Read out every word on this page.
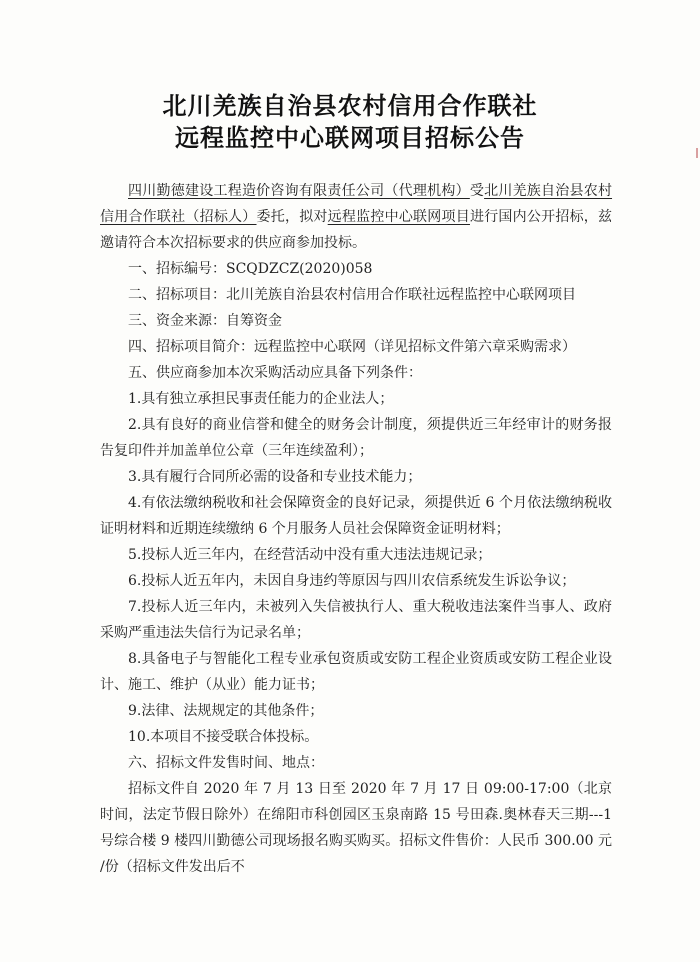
北川羌族自治县农村信用合作联社
远程监控中心联网项目招标公告

四川勤德建设工程造价咨询有限责任公司（代理机构）受北川羌族自治县农村信用合作联社（招标人）委托，拟对远程监控中心联网项目进行国内公开招标，兹邀请符合本次招标要求的供应商参加投标。

一、招标编号：SCQDZCZ(2020)058

二、招标项目：北川羌族自治县农村信用合作联社远程监控中心联网项目

三、资金来源：自筹资金

四、招标项目简介：远程监控中心联网（详见招标文件第六章采购需求）

五、供应商参加本次采购活动应具备下列条件：

1.具有独立承担民事责任能力的企业法人；

2.具有良好的商业信誉和健全的财务会计制度，须提供近三年经审计的财务报告复印件并加盖单位公章（三年连续盈利）；

3.具有履行合同所必需的设备和专业技术能力；

4.有依法缴纳税收和社会保障资金的良好记录，须提供近 6 个月依法缴纳税收证明材料和近期连续缴纳 6 个月服务人员社会保障资金证明材料；

5.投标人近三年内，在经营活动中没有重大违法违规记录；

6.投标人近五年内，未因自身违约等原因与四川农信系统发生诉讼争议；

7.投标人近三年内，未被列入失信被执行人、重大税收违法案件当事人、政府采购严重违法失信行为记录名单；

8.具备电子与智能化工程专业承包资质或安防工程企业资质或安防工程企业设计、施工、维护（从业）能力证书；

9.法律、法规规定的其他条件；

10.本项目不接受联合体投标。

六、招标文件发售时间、地点：

招标文件自 2020 年 7 月 13 日至 2020 年 7 月 17 日 09:00-17:00（北京时间，法定节假日除外）在绵阳市科创园区玉泉南路 15 号田森.奥林春天三期---1 号综合楼 9 楼四川勤德公司现场报名购买购买。招标文件售价：人民币 300.00 元 /份（招标文件发出后不
